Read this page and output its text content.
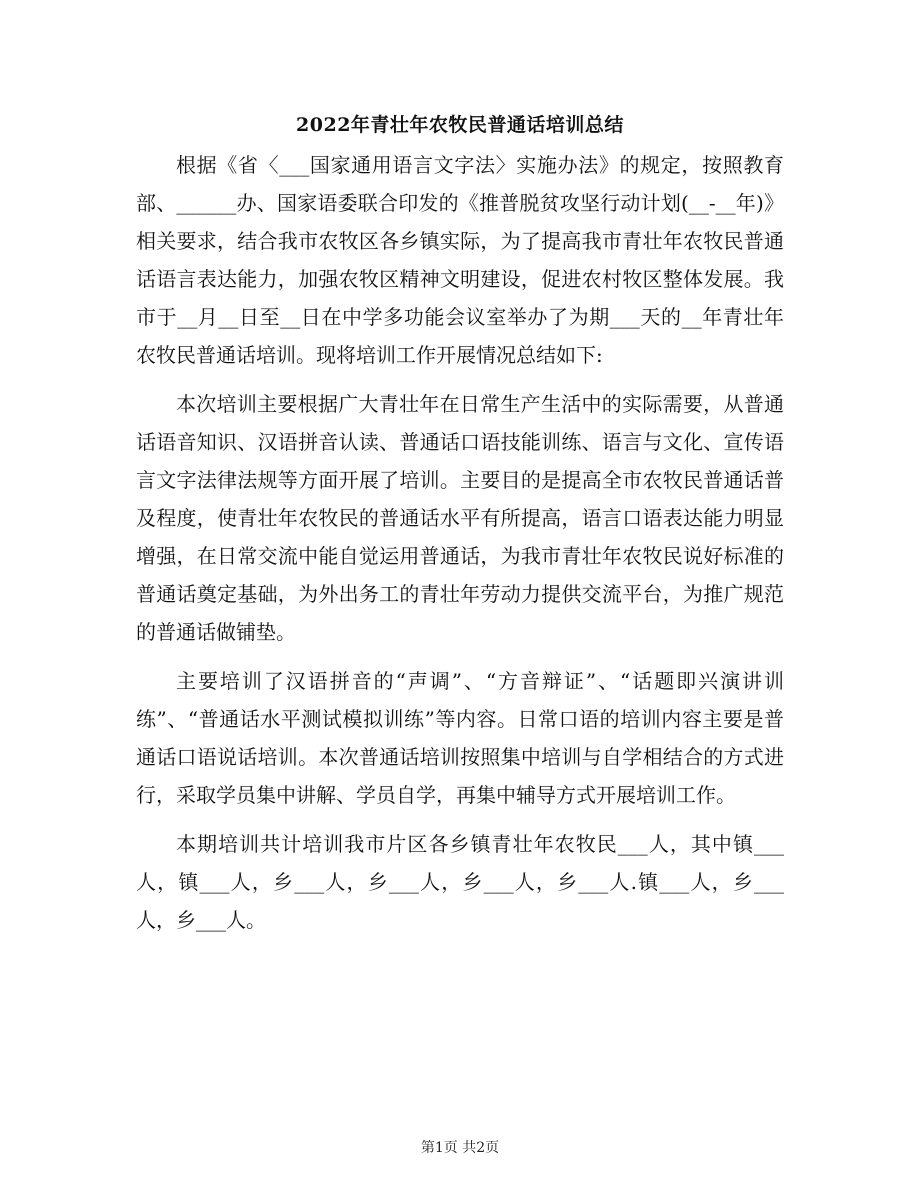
2022年青壮年农牧民普通话培训总结

根据《省〈___国家通用语言文字法〉实施办法》的规定，按照教育部、______办、国家语委联合印发的《推普脱贫攻坚行动计划(__-__年)》相关要求，结合我市农牧区各乡镇实际，为了提高我市青壮年农牧民普通话语言表达能力，加强农牧区精神文明建设，促进农村牧区整体发展。我市于__月__日至__日在中学多功能会议室举办了为期___天的__年青壮年农牧民普通话培训。现将培训工作开展情况总结如下:

本次培训主要根据广大青壮年在日常生产生活中的实际需要，从普通话语音知识、汉语拼音认读、普通话口语技能训练、语言与文化、宣传语言文字法律法规等方面开展了培训。主要目的是提高全市农牧民普通话普及程度，使青壮年农牧民的普通话水平有所提高，语言口语表达能力明显增强，在日常交流中能自觉运用普通话，为我市青壮年农牧民说好标准的普通话奠定基础，为外出务工的青壮年劳动力提供交流平台，为推广规范的普通话做铺垫。

主要培训了汉语拼音的“声调”、“方音辩证”、“话题即兴演讲训练”、“普通话水平测试模拟训练”等内容。日常口语的培训内容主要是普通话口语说话培训。本次普通话培训按照集中培训与自学相结合的方式进行，采取学员集中讲解、学员自学，再集中辅导方式开展培训工作。

本期培训共计培训我市片区各乡镇青壮年农牧民___人，其中镇___人，镇___人，乡___人，乡___人，乡___人，乡___人.镇___人，乡___人，乡___人。

第1页 共2页
